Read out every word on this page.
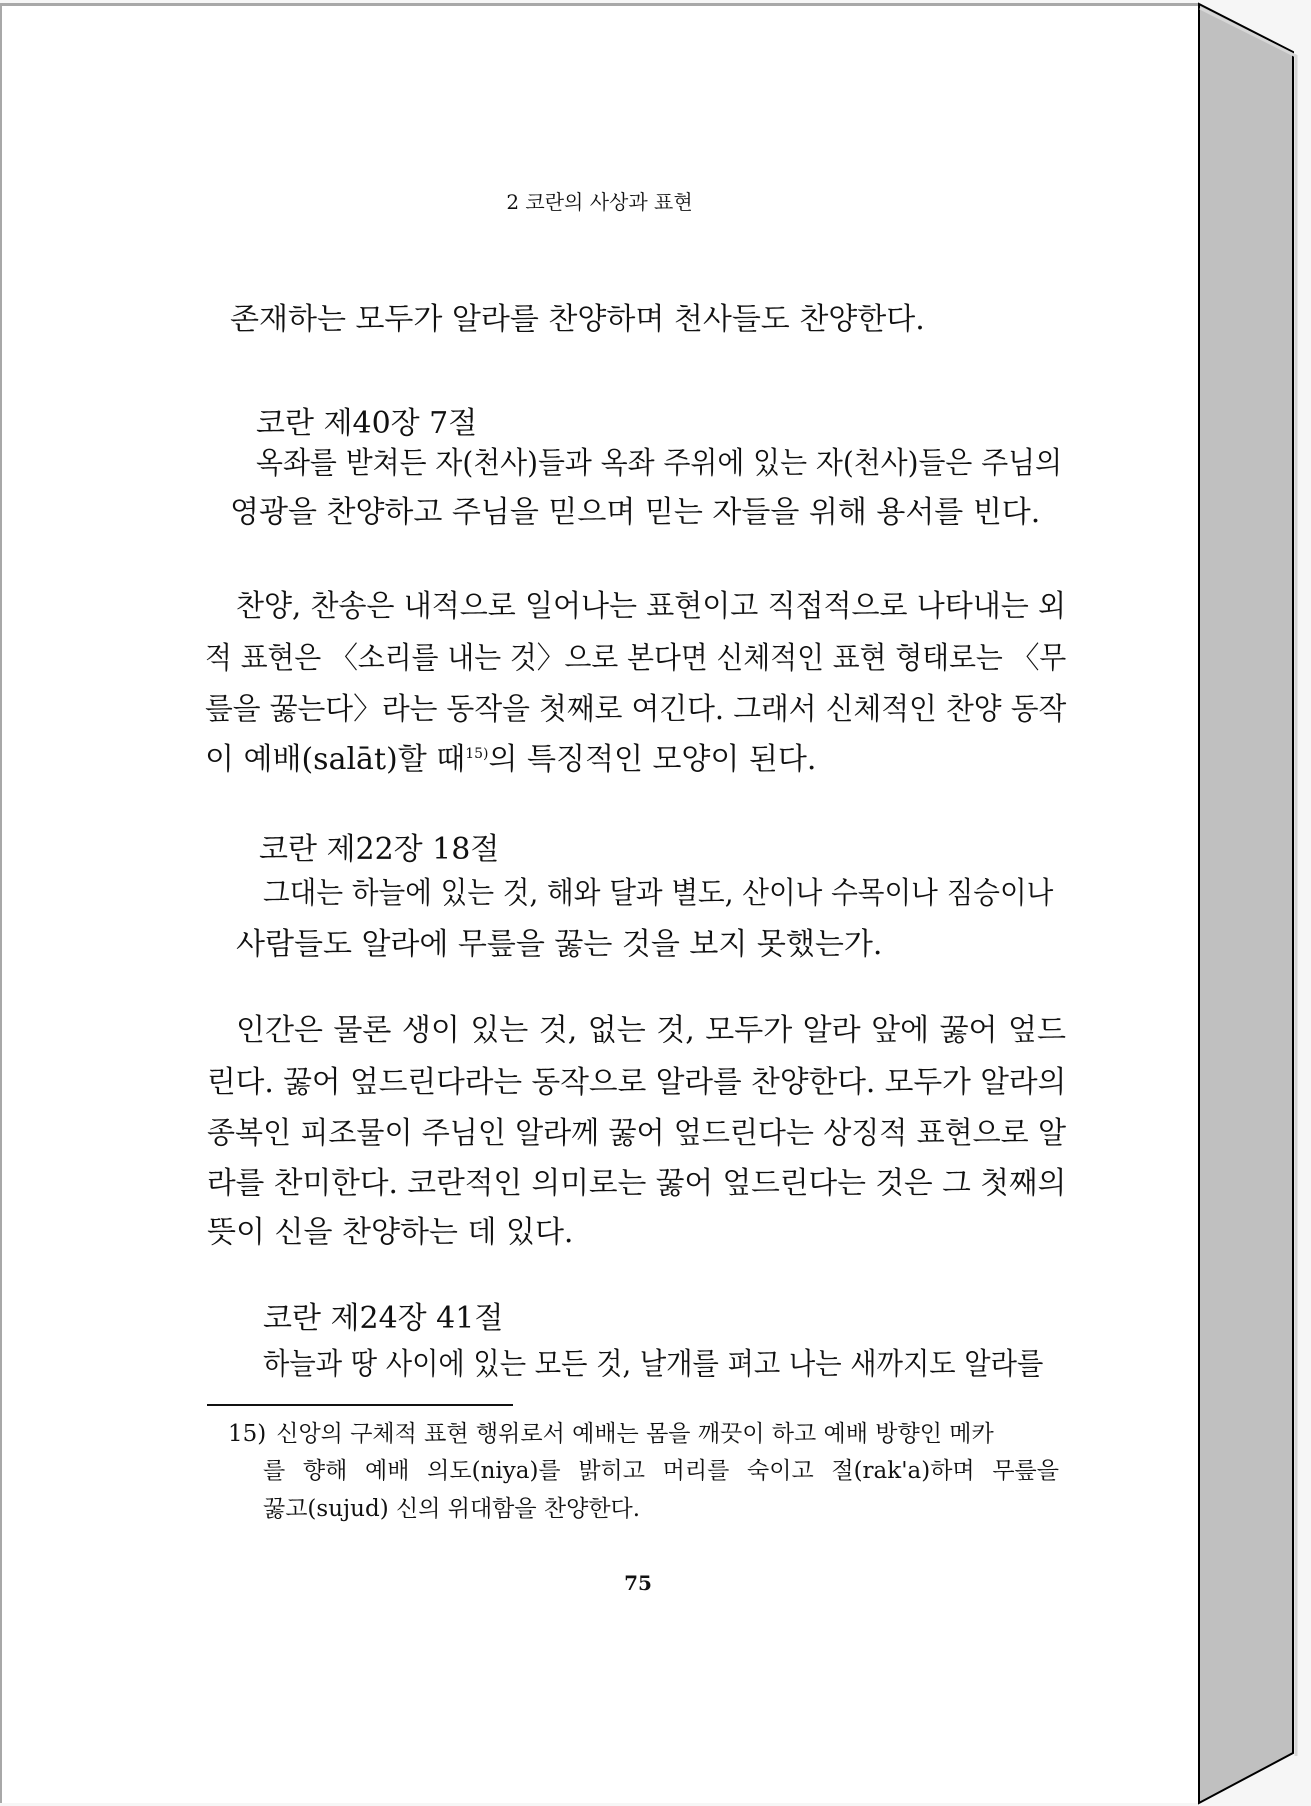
2 코란의 사상과 표현
존재하는 모두가 알라를 찬양하며 천사들도 찬양한다.
코란 제40장 7절
옥좌를 받쳐든 자(천사)들과 옥좌 주위에 있는 자(천사)들은 주님의
영광을 찬양하고 주님을 믿으며 믿는 자들을 위해 용서를 빈다.
찬양, 찬송은 내적으로 일어나는 표현이고 직접적으로 나타내는 외
적 표현은 〈소리를 내는 것〉으로 본다면 신체적인 표현 형태로는 〈무
릎을 꿇는다〉라는 동작을 첫째로 여긴다. 그래서 신체적인 찬양 동작
이 예배(salāt)할 때$^{15)}$의 특징적인 모양이 된다.
코란 제22장 18절
그대는 하늘에 있는 것, 해와 달과 별도, 산이나 수목이나 짐승이나
사람들도 알라에 무릎을 꿇는 것을 보지 못했는가.
인간은 물론 생이 있는 것, 없는 것, 모두가 알라 앞에 꿇어 엎드
린다. 꿇어 엎드린다라는 동작으로 알라를 찬양한다. 모두가 알라의
종복인 피조물이 주님인 알라께 꿇어 엎드린다는 상징적 표현으로 알
라를 찬미한다. 코란적인 의미로는 꿇어 엎드린다는 것은 그 첫째의
뜻이 신을 찬양하는 데 있다.
코란 제24장 41절
하늘과 땅 사이에 있는 모든 것, 날개를 펴고 나는 새까지도 알라를
15) 신앙의 구체적 표현 행위로서 예배는 몸을 깨끗이 하고 예배 방향인 메카
를 향해 예배 의도(niya)를 밝히고 머리를 숙이고 절(rak'a)하며 무릎을
꿇고(sujud) 신의 위대함을 찬양한다.
75
